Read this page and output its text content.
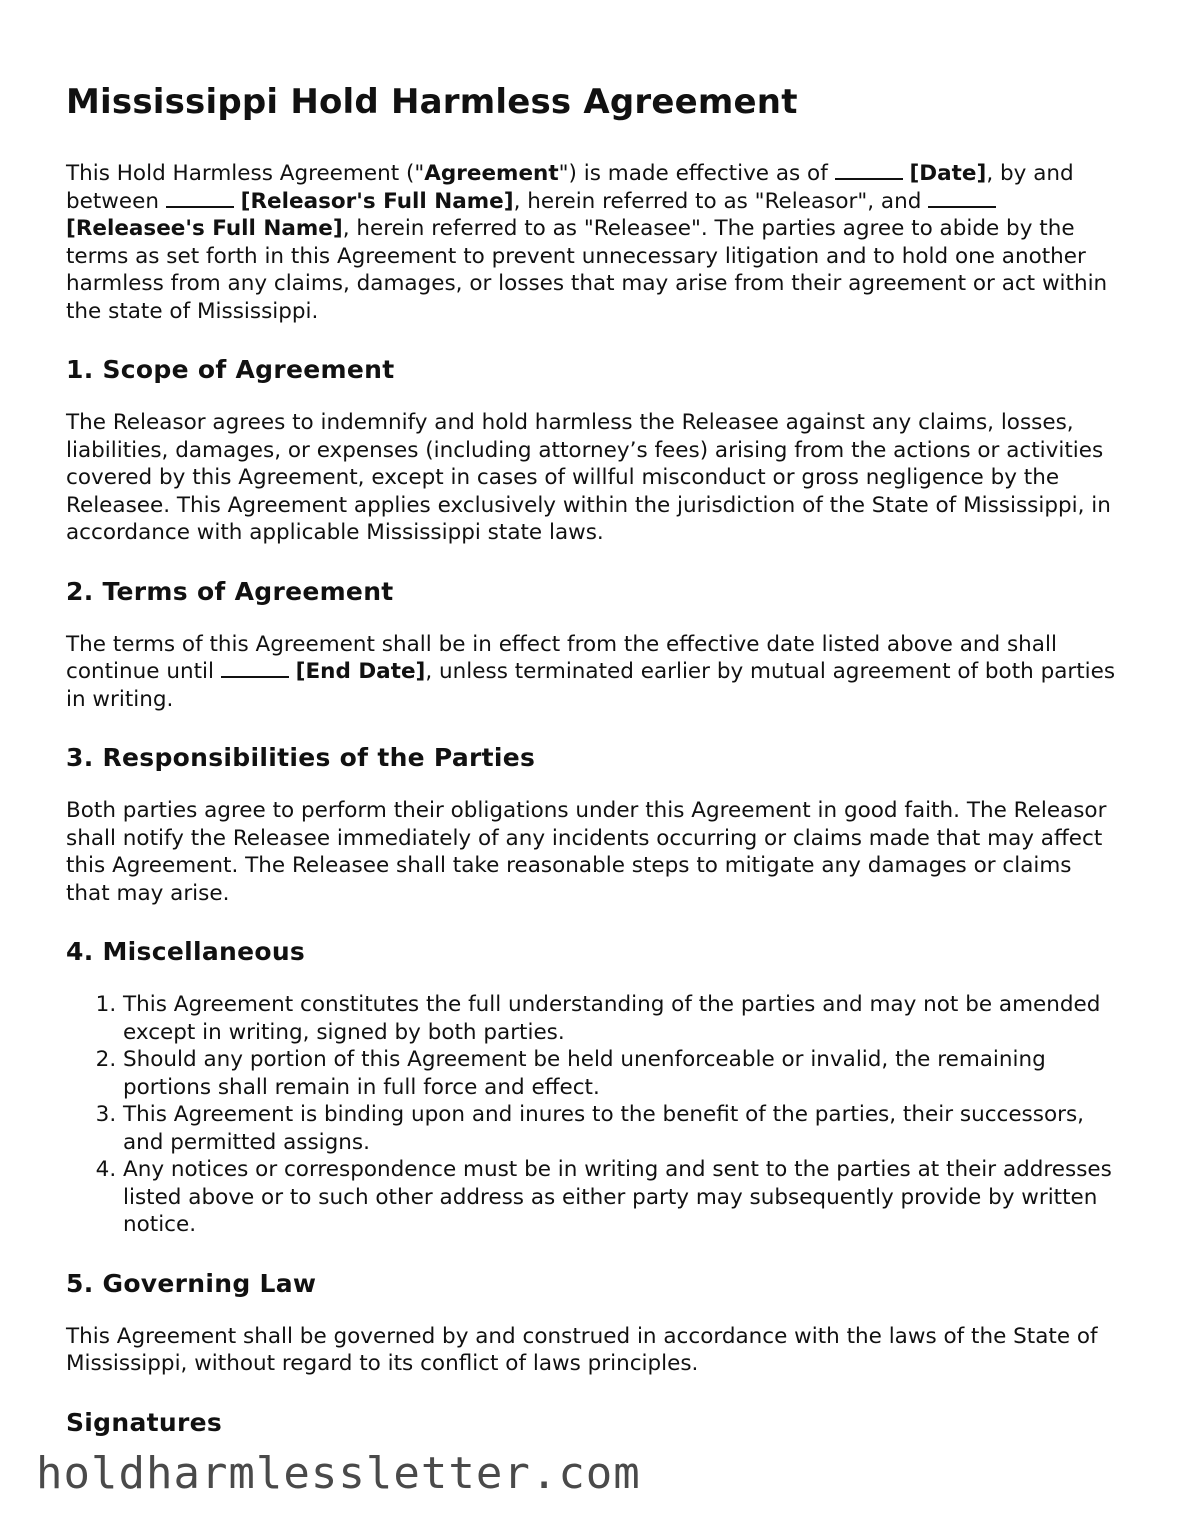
Mississippi Hold Harmless Agreement

This Hold Harmless Agreement ("Agreement") is made effective as of	[Date], by and between	[Releasor's Full Name], herein referred to as "Releasor", and  [Releasee's Full Name], herein referred to as "Releasee". The parties agree to abide by the terms as set forth in this Agreement to prevent unnecessary litigation and to hold one another harmless from any claims, damages, or losses that may arise from their agreement or act within the state of Mississippi.

1. Scope of Agreement

The Releasor agrees to indemnify and hold harmless the Releasee against any claims, losses, liabilities, damages, or expenses (including attorney’s fees) arising from the actions or activities covered by this Agreement, except in cases of willful misconduct or gross negligence by the Releasee. This Agreement applies exclusively within the jurisdiction of the State of Mississippi, in accordance with applicable Mississippi state laws.

2. Terms of Agreement

The terms of this Agreement shall be in effect from the effective date listed above and shall continue until	[End Date], unless terminated earlier by mutual agreement of both parties in writing.

3. Responsibilities of the Parties

Both parties agree to perform their obligations under this Agreement in good faith. The Releasor shall notify the Releasee immediately of any incidents occurring or claims made that may affect this Agreement. The Releasee shall take reasonable steps to mitigate any damages or claims that may arise.

4. Miscellaneous
1. This Agreement constitutes the full understanding of the parties and may not be amended except in writing, signed by both parties.
2. Should any portion of this Agreement be held unenforceable or invalid, the remaining portions shall remain in full force and effect.
3. This Agreement is binding upon and inures to the benefit of the parties, their successors, and permitted assigns.
4. Any notices or correspondence must be in writing and sent to the parties at their addresses listed above or to such other address as either party may subsequently provide by written notice.
5. Governing Law

This Agreement shall be governed by and construed in accordance with the laws of the State of Mississippi, without regard to its conflict of laws principles.

Signatures
holdharmlessletter.com
